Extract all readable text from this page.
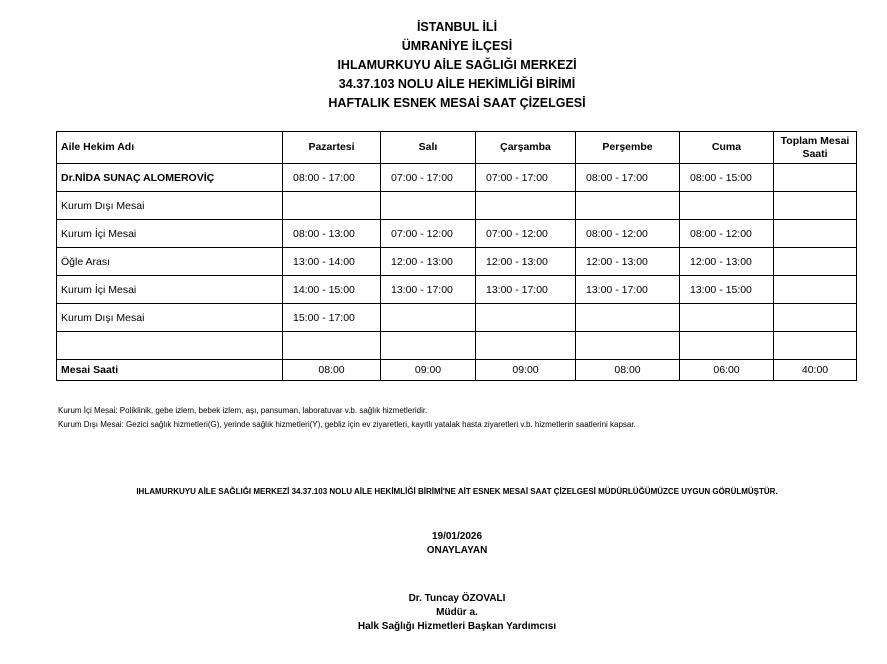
İSTANBUL İLİ
ÜMRANİYE İLÇESİ
IHLAMURKUYU AİLE SAĞLIĞI MERKEZİ
34.37.103 NOLU AİLE HEKİMLİĞİ BİRİMİ
HAFTALIK ESNEK MESAİ SAAT ÇİZELGESİ
Aile Hekim Adı	Pazartesi	Salı	Çarşamba	Perşembe	Cuma	Toplam Mesai Saati
Dr.NİDA SUNAÇ ALOMEROVİÇ	08:00 - 17:00	07:00 - 17:00	07:00 - 17:00	08:00 - 17:00	08:00 - 15:00	
Kurum Dışı Mesai						
Kurum İçi Mesai	08:00 - 13:00	07:00 - 12:00	07:00 - 12:00	08:00 - 12:00	08:00 - 12:00	
Öğle Arası	13:00 - 14:00	12:00 - 13:00	12:00 - 13:00	12:00 - 13:00	12:00 - 13:00	
Kurum İçi Mesai	14:00 - 15:00	13:00 - 17:00	13:00 - 17:00	13:00 - 17:00	13:00 - 15:00	
Kurum Dışı Mesai	15:00 - 17:00					

Mesai Saati	08:00	09:00	09:00	08:00	06:00	40:00
Kurum İçi Mesai: Poliklinik, gebe izlem, bebek izlem, aşı, pansuman, laboratuvar v.b. sağlık hizmetleridir.
Kurum Dışı Mesai: Gezici sağlık hizmetleri(G), yerinde sağlık hizmetleri(Y), gebliz için ev ziyaretleri, kayıtlı yatalak hasta ziyaretleri v.b. hizmetlerin saatlerini kapsar.
IHLAMURKUYU AİLE SAĞLIĞI MERKEZİ 34.37.103 NOLU AİLE HEKİMLİĞİ BİRİMİ'NE AİT ESNEK MESAİ SAAT ÇİZELGESİ MÜDÜRLÜĞÜMÜZCE UYGUN GÖRÜLMÜŞTÜR.
19/01/2026
ONAYLAYAN
Dr. Tuncay ÖZOVALI
Müdür a.
Halk Sağlığı Hizmetleri Başkan Yardımcısı
